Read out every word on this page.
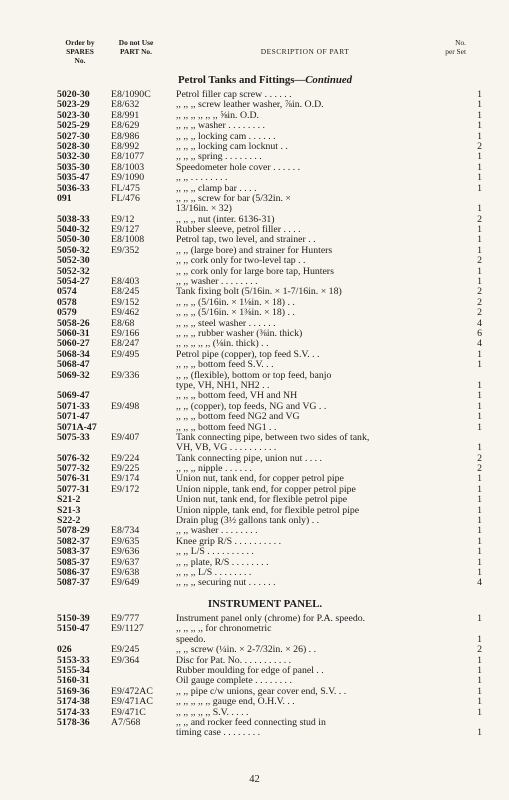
Order by
SPARES
No.
Do not Use
PART No.	DESCRIPTION OF PART
No.
per Set
Petrol Tanks and Fittings—Continued
5020-30	E8/1090C	Petrol filler cap screw . . . . . .	1
5023-29	E8/632	,, ,, ,, screw leather washer, ⅞in. O.D.	1
5023-30	E8/991	,, ,, ,, ,, ,, ,, ⅝in. O.D.	1
5025-29	E8/629	,, ,, ,, washer . . . . . . . .	1
5027-30	E8/986	,, ,, ,, locking cam . . . . . .	1
5028-30	E8/992	,, ,, ,, locking cam locknut . .	2
5032-30	E8/1077	,, ,, ,, spring . . . . . . . .	1
5035-30	E8/1003	Speedometer hole cover . . . . . .	1
5035-47	E9/1090	,, ,, . . . . . . . .	1
5036-33	FL/475	,, ,, ,, clamp bar . . . .	1
091	FL/476	,, ,, ,, screw for bar (5/32in. ×
13/16in. × 32)	1
5038-33	E9/12	,, ,, ,, nut (inter. 6136-31)	2
5040-32	E9/127	Rubber sleeve, petrol filler . . . .	1
5050-30	E8/1008	Petrol tap, two level, and strainer . .	1
5050-32	E9/352	,, ,, (large bore) and strainer for Hunters	1
5052-30	,, ,, cork only for two-level tap . .	2
5052-32	,, ,, cork only for large bore tap, Hunters	1
5054-27	E8/403	,, ,, washer . . . . . . . .	1
0574	E8/245	Tank fixing bolt (5/16in. × 1-7/16in. × 18)	2
0578	E9/152	,, ,, ,, (5/16in. × 1⅛in. × 18) . .	2
0579	E9/462	,, ,, ,, (5/16in. × 1⅜in. × 18) . .	2
5058-26	E8/68	,, ,, ,, steel washer . . . . . .	4
5060-31	E9/166	,, ,, ,, rubber washer (⅜in. thick)	6
5060-27	E8/247	,, ,, ,, ,, ,, (⅛in. thick) . .	4
5068-34	E9/495	Petrol pipe (copper), top feed S.V. . .	1
5068-47	,, ,, ,, bottom feed S.V. . .	1
5069-32	E9/336	,, ,, (flexible), bottom or top feed, banjo
type, VH, NH1, NH2 . .	1
5069-47	,, ,, ,, bottom feed, VH and NH	1
5071-33	E9/498	,, ,, (copper), top feeds, NG and VG . .	1
5071-47	,, ,, ,, bottom feed NG2 and VG	1
5071A-47	,, ,, ,, bottom feed NG1 . .	1
5075-33	E9/407	Tank connecting pipe, between two sides of tank,
VH, VB, VG . . . . . . . . . .	1
5076-32	E9/224	Tank connecting pipe, union nut . . . .	2
5077-32	E9/225	,, ,, ,, nipple . . . . . .	2
5076-31	E9/174	Union nut, tank end, for copper petrol pipe	1
5077-31	E9/172	Union nipple, tank end, for copper petrol pipe	1
S21-2	Union nut, tank end, for flexible petrol pipe	1
S21-3	Union nipple, tank end, for flexible petrol pipe	1
S22-2	Drain plug (3½ gallons tank only) . .	1
5078-29	E8/734	,, ,, washer . . . . . . . .	1
5082-37	E9/635	Knee grip R/S . . . . . . . . . .	1
5083-37	E9/636	,, ,, L/S . . . . . . . . . .	1
5085-37	E9/637	,, ,, plate, R/S . . . . . . . .	1
5086-37	E9/638	,, ,, ,, L/S . . . . . . . .	1
5087-37	E9/649	,, ,, ,, securing nut . . . . . .	4
INSTRUMENT PANEL.
5150-39	E9/777	Instrument panel only (chrome) for P.A. speedo.	1
5150-47	E9/1127	,, ,, ,, ,, for chronometric
speedo.	1
026	E9/245	,, ,, screw (¼in. × 2-7/32in. × 26) . .	2
5153-33	E9/364	Disc for Pat. No. . . . . . . . . . .	1
5155-34	Rubber moulding for edge of panel . .	1
5160-31	Oil gauge complete . . . . . . . .	1
5169-36	E9/472AC	,, ,, pipe c/w unions, gear cover end, S.V. . .	1
5174-38	E9/471AC	,, ,, ,, ,, ,, gauge end, O.H.V. . .	1
5174-33	E9/471C	,, ,, ,, ,, ,, S.V. . . . .	1
5178-36	A7/568	,, ,, and rocker feed connecting stud in
timing case . . . . . . . .	1
42
